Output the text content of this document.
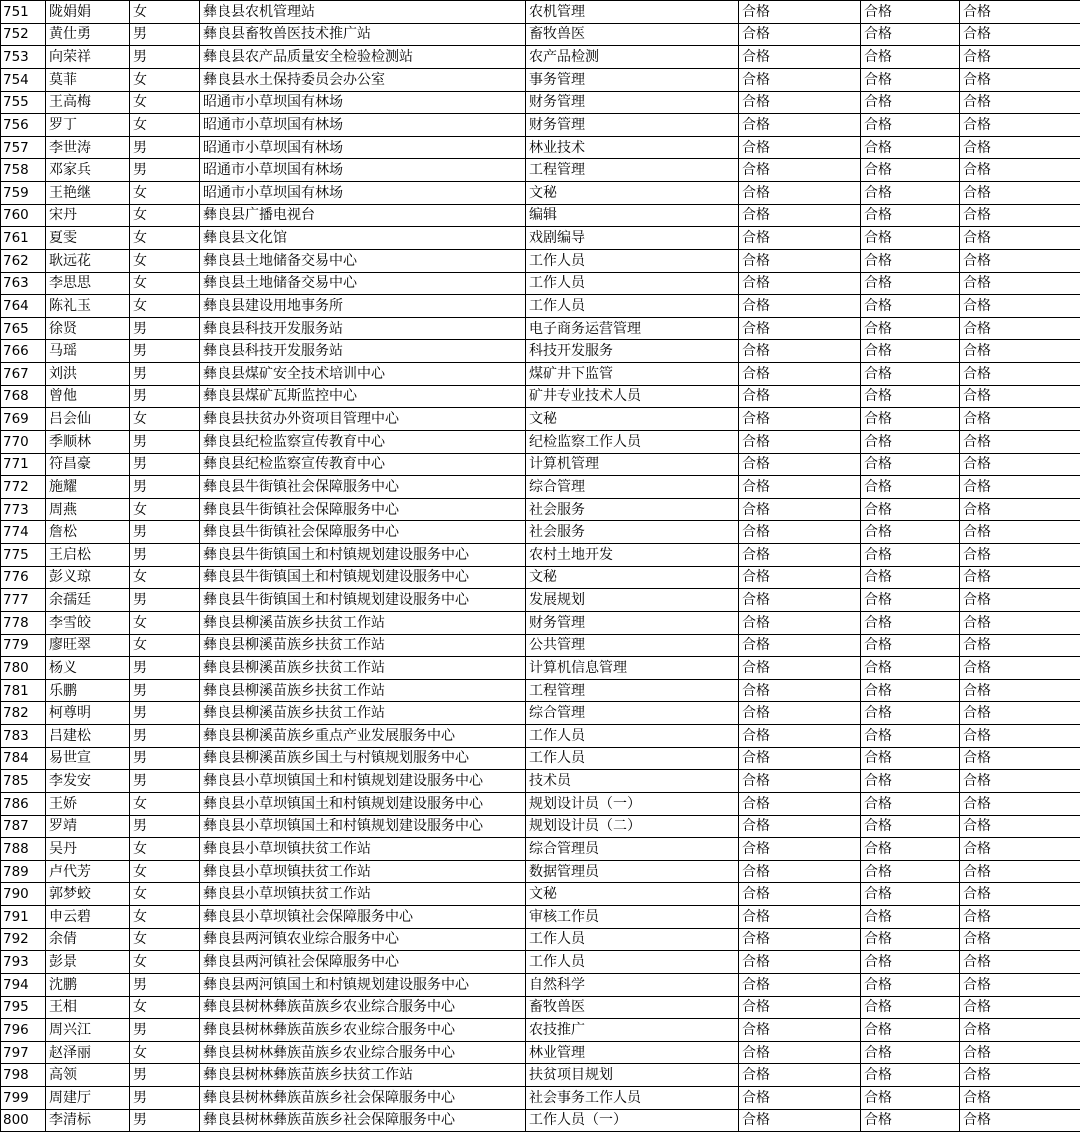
751	陇娟娟	女	彝良县农机管理站	农机管理	合格	合格	合格
752	黄仕勇	男	彝良县畜牧兽医技术推广站	畜牧兽医	合格	合格	合格
753	向荣祥	男	彝良县农产品质量安全检验检测站	农产品检测	合格	合格	合格
754	莫菲	女	彝良县水土保持委员会办公室	事务管理	合格	合格	合格
755	王高梅	女	昭通市小草坝国有林场	财务管理	合格	合格	合格
756	罗丁	女	昭通市小草坝国有林场	财务管理	合格	合格	合格
757	李世涛	男	昭通市小草坝国有林场	林业技术	合格	合格	合格
758	邓家兵	男	昭通市小草坝国有林场	工程管理	合格	合格	合格
759	王艳继	女	昭通市小草坝国有林场	文秘	合格	合格	合格
760	宋丹	女	彝良县广播电视台	编辑	合格	合格	合格
761	夏雯	女	彝良县文化馆	戏剧编导	合格	合格	合格
762	耿远花	女	彝良县土地储备交易中心	工作人员	合格	合格	合格
763	李思思	女	彝良县土地储备交易中心	工作人员	合格	合格	合格
764	陈礼玉	女	彝良县建设用地事务所	工作人员	合格	合格	合格
765	徐贤	男	彝良县科技开发服务站	电子商务运营管理	合格	合格	合格
766	马瑶	男	彝良县科技开发服务站	科技开发服务	合格	合格	合格
767	刘洪	男	彝良县煤矿安全技术培训中心	煤矿井下监管	合格	合格	合格
768	曾他	男	彝良县煤矿瓦斯监控中心	矿井专业技术人员	合格	合格	合格
769	吕会仙	女	彝良县扶贫办外资项目管理中心	文秘	合格	合格	合格
770	季顺林	男	彝良县纪检监察宣传教育中心	纪检监察工作人员	合格	合格	合格
771	符昌豪	男	彝良县纪检监察宣传教育中心	计算机管理	合格	合格	合格
772	施耀	男	彝良县牛街镇社会保障服务中心	综合管理	合格	合格	合格
773	周燕	女	彝良县牛街镇社会保障服务中心	社会服务	合格	合格	合格
774	詹松	男	彝良县牛街镇社会保障服务中心	社会服务	合格	合格	合格
775	王启松	男	彝良县牛街镇国土和村镇规划建设服务中心	农村土地开发	合格	合格	合格
776	彭义琼	女	彝良县牛街镇国土和村镇规划建设服务中心	文秘	合格	合格	合格
777	余孺廷	男	彝良县牛街镇国土和村镇规划建设服务中心	发展规划	合格	合格	合格
778	李雪皎	女	彝良县柳溪苗族乡扶贫工作站	财务管理	合格	合格	合格
779	廖旺翠	女	彝良县柳溪苗族乡扶贫工作站	公共管理	合格	合格	合格
780	杨义	男	彝良县柳溪苗族乡扶贫工作站	计算机信息管理	合格	合格	合格
781	乐鹏	男	彝良县柳溪苗族乡扶贫工作站	工程管理	合格	合格	合格
782	柯尊明	男	彝良县柳溪苗族乡扶贫工作站	综合管理	合格	合格	合格
783	吕建松	男	彝良县柳溪苗族乡重点产业发展服务中心	工作人员	合格	合格	合格
784	易世宣	男	彝良县柳溪苗族乡国土与村镇规划服务中心	工作人员	合格	合格	合格
785	李发安	男	彝良县小草坝镇国土和村镇规划建设服务中心	技术员	合格	合格	合格
786	王娇	女	彝良县小草坝镇国土和村镇规划建设服务中心	规划设计员（一）	合格	合格	合格
787	罗靖	男	彝良县小草坝镇国土和村镇规划建设服务中心	规划设计员（二）	合格	合格	合格
788	吴丹	女	彝良县小草坝镇扶贫工作站	综合管理员	合格	合格	合格
789	卢代芳	女	彝良县小草坝镇扶贫工作站	数据管理员	合格	合格	合格
790	郭梦蛟	女	彝良县小草坝镇扶贫工作站	文秘	合格	合格	合格
791	申云碧	女	彝良县小草坝镇社会保障服务中心	审核工作员	合格	合格	合格
792	余倩	女	彝良县两河镇农业综合服务中心	工作人员	合格	合格	合格
793	彭景	女	彝良县两河镇社会保障服务中心	工作人员	合格	合格	合格
794	沈鹏	男	彝良县两河镇国土和村镇规划建设服务中心	自然科学	合格	合格	合格
795	王相	女	彝良县树林彝族苗族乡农业综合服务中心	畜牧兽医	合格	合格	合格
796	周兴江	男	彝良县树林彝族苗族乡农业综合服务中心	农技推广	合格	合格	合格
797	赵泽丽	女	彝良县树林彝族苗族乡农业综合服务中心	林业管理	合格	合格	合格
798	高领	男	彝良县树林彝族苗族乡扶贫工作站	扶贫项目规划	合格	合格	合格
799	周建厅	男	彝良县树林彝族苗族乡社会保障服务中心	社会事务工作人员	合格	合格	合格
800	李清标	男	彝良县树林彝族苗族乡社会保障服务中心	工作人员（一）	合格	合格	合格
